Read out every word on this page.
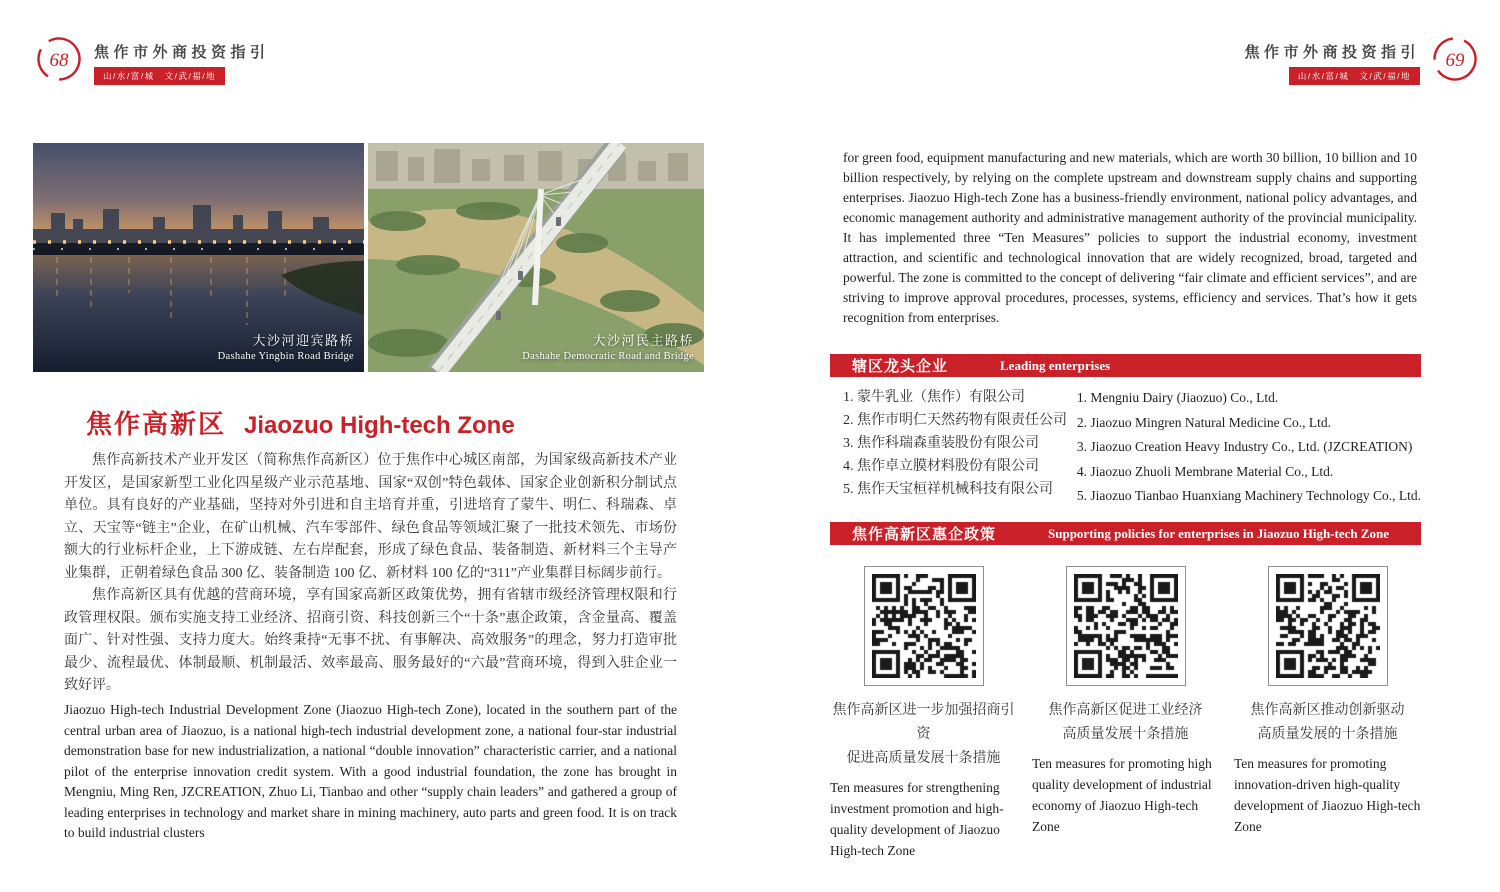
68 焦作市外商投资指引
山/水/富/城　文/武/福/地
焦作市外商投资指引
山/水/富/城　文/武/福/地
69
大沙河迎宾路桥
Dashahe Yingbin Road Bridge
大沙河民主路桥
Dashahe Democratic Road and Bridge
焦作高新区 Jiaozuo High-tech Zone

焦作高新技术产业开发区（简称焦作高新区）位于焦作中心城区南部，为国家级高新技术产业开发区，是国家新型工业化四星级产业示范基地、国家“双创”特色载体、国家企业创新积分制试点单位。具有良好的产业基础，坚持对外引进和自主培育并重，引进培育了蒙牛、明仁、科瑞森、卓立、天宝等“链主”企业，在矿山机械、汽车零部件、绿色食品等领域汇聚了一批技术领先、市场份额大的行业标杆企业，上下游成链、左右岸配套，形成了绿色食品、装备制造、新材料三个主导产业集群，正朝着绿色食品 300 亿、装备制造 100 亿、新材料 100 亿的“311”产业集群目标阔步前行。

焦作高新区具有优越的营商环境，享有国家高新区政策优势，拥有省辖市级经济管理权限和行政管理权限。颁布实施支持工业经济、招商引资、科技创新三个“十条”惠企政策，含金量高、覆盖面广、针对性强、支持力度大。始终秉持“无事不扰、有事解决、高效服务”的理念，努力打造审批最少、流程最优、体制最顺、机制最活、效率最高、服务最好的“六最”营商环境，得到入驻企业一致好评。

Jiaozuo High-tech Industrial Development Zone (Jiaozuo High-tech Zone), located in the southern part of the central urban area of Jiaozuo, is a national high-tech industrial development zone, a national four-star industrial demonstration base for new industrialization, a national “double innovation” characteristic carrier, and a national pilot of the enterprise innovation credit system. With a good industrial foundation, the zone has brought in Mengniu, Ming Ren, JZCREATION, Zhuo Li, Tianbao and other “supply chain leaders” and gathered a group of leading enterprises in technology and market share in mining machinery, auto parts and green food. It is on track to build industrial clusters

for green food, equipment manufacturing and new materials, which are worth 30 billion, 10 billion and 10 billion respectively, by relying on the complete upstream and downstream supply chains and supporting enterprises. Jiaozuo High-tech Zone has a business-friendly environment, national policy advantages, and economic management authority and administrative management authority of the provincial municipality. It has implemented three “Ten Measures” policies to support the industrial economy, investment attraction, and scientific and technological innovation that are widely recognized, broad, targeted and powerful. The zone is committed to the concept of delivering “fair climate and efficient services”, and are striving to improve approval procedures, processes, systems, efficiency and services. That’s how it gets recognition from enterprises.

辖区龙头企业	Leading enterprises
1. 蒙牛乳业（焦作）有限公司
2. 焦作市明仁天然药物有限责任公司
3. 焦作科瑞森重装股份有限公司
4. 焦作卓立膜材料股份有限公司
5. 焦作天宝桓祥机械科技有限公司
1. Mengniu Dairy (Jiaozuo) Co., Ltd.
2. Jiaozuo Mingren Natural Medicine Co., Ltd.
3. Jiaozuo Creation Heavy Industry Co., Ltd. (JZCREATION)
4. Jiaozuo Zhuoli Membrane Material Co., Ltd.
5. Jiaozuo Tianbao Huanxiang Machinery Technology Co., Ltd.
焦作高新区惠企政策	Supporting policies for enterprises in Jiaozuo High-tech Zone
焦作高新区进一步加强招商引资
促进高质量发展十条措施

Ten measures for strengthening investment promotion and high-quality development of Jiaozuo High-tech Zone

焦作高新区促进工业经济
高质量发展十条措施

Ten measures for promoting high quality development of industrial economy of Jiaozuo High-tech Zone

焦作高新区推动创新驱动
高质量发展的十条措施

Ten measures for promoting innovation-driven high-quality development of Jiaozuo High-tech Zone
